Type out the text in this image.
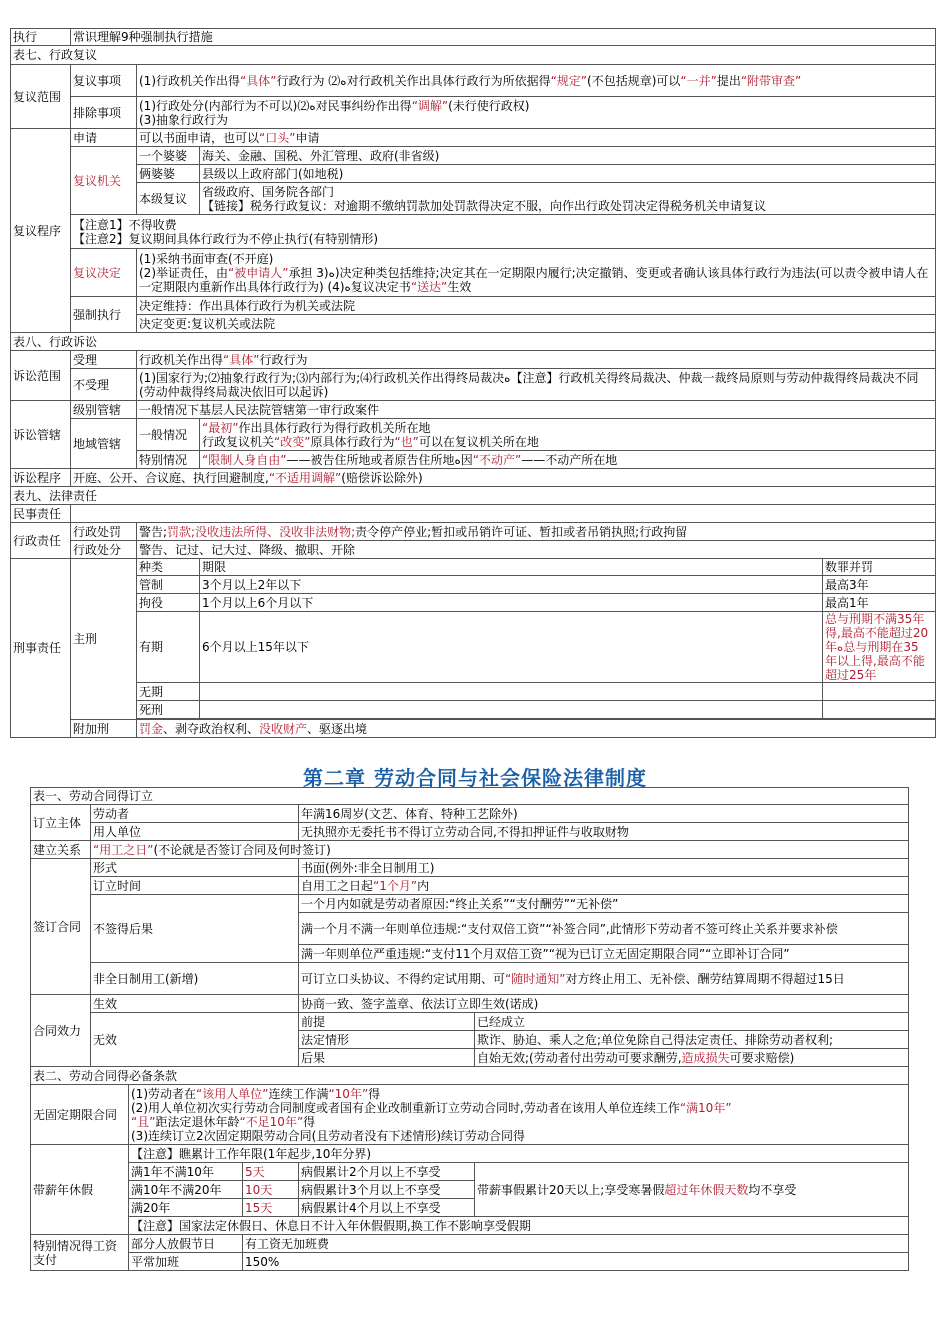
执行	常识理解9种强制执行措施			
表七、行政复议				
复议范围	复议事项	(1)行政机关作出得“具体”行政行为 ⑵ه对行政机关作出具体行政行为所依据得“规定”(不包括规章)可以“一并”提出“附带审查”		
	排除事项	(1)行政处分(内部行为不可以)⑵ه对民事纠纷作出得“调解”(未行使行政权)
(3)抽象行政行为		
复议程序	申请	可以书面申请，也可以“口头”申请		
	复议机关	一个婆婆	海关、金融、国税、外汇管理、政府(非省级)	
		俩婆婆	县级以上政府部门(如地税)	
		本级复议	省级政府、国务院各部门
【链接】税务行政复议：对逾期不缴纳罚款加处罚款得决定不服，向作出行政处罚决定得税务机关申请复议	
	【注意1】不得收费
【注意2】复议期间具体行政行为不停止执行(有特别情形)			
	复议决定	(1)采纳书面审查(不开庭)
(2)举证责任，由“被申请人”承担 3)ه)决定种类包括维持;决定其在一定期限内履行;决定撤销、变更或者确认该具体行政行为违法(可以责令被申请人在一定期限内重新作出具体行政行为) (4)ه复议决定书“送达”生效		
	强制执行	决定维持：作出具体行政行为机关或法院		
		决定变更:复议机关或法院		
表八、行政诉讼				
诉讼范围	受理	行政机关作出得“具体”行政行为		
	不受理	(1)国家行为;⑵抽象行政行为;⑶内部行为;⑷行政机关作出得终局裁决ه【注意】行政机关得终局裁决、仲裁一裁终局原则与劳动仲裁得终局裁决不同(劳动仲裁得终局裁决依旧可以起诉)		
诉讼管辖	级别管辖	一般情况下基层人民法院管辖第一审行政案件		
	地域管辖	一般情况	“最初”作出具体行政行为得行政机关所在地
行政复议机关“改变”原具体行政行为“也”可以在复议机关所在地	
		特别情况	“限制人身自由”——被告住所地或者原告住所地ه因“不动产”——不动产所在地	
诉讼程序	开庭、公开、合议庭、执行回避制度,“不适用调解”(赔偿诉讼除外)			
表九、法律责任				
民事责任				
行政责任	行政处罚	警告;罚款;没收违法所得、没收非法财物;责令停产停业;暂扣或吊销许可证、暂扣或者吊销执照;行政拘留		
	行政处分	警告、记过、记大过、降级、撤职、开除		
刑事责任	主刑	种类	期限	数罪并罚
		管制	3个月以上2年以下	最高3年
		拘役	1个月以上6个月以下	最高1年
		有期	6个月以上15年以下	总与刑期不满35年得,最高不能超过20年ه总与刑期在35 年以上得,最高不能超过25年
		无期		
		死刑		

	附加刑	罚金、剥夺政治权利、没收财产、驱逐出境		
第二章 劳动合同与社会保险法律制度
表一、劳动合同得订立					
订立主体	劳动者			年满16周岁(文艺、体育、特种工艺除外)	
	用人单位			无执照亦无委托书不得订立劳动合同,不得扣押证件与收取财物	
建立关系	“用工之日”(不论就是否签订合同及何时签订)				
签订合同	形式			书面(例外:非全日制用工)	
	订立时间			自用工之日起“1个月”内	
	不签得后果			一个月内如就是劳动者原因:“终止关系”“支付酬劳”“无补偿”	
				满一个月不满一年则单位违规:“支付双倍工资”“补签合同”,此情形下劳动者不签可终止关系并要求补偿	
				满一年则单位严重违规:“支付11个月双倍工资”“视为已订立无固定期限合同”“立即补订合同”	
	非全日制用工(新增)			可订立口头协议、不得约定试用期、可“随时通知”对方终止用工、无补偿、酬劳结算周期不得超过15日	
合同效力	生效			协商一致、签字盖章、依法订立即生效(诺成)	
	无效			前提	已经成立
				法定情形	欺诈、胁迫、乘人之危;单位免除自己得法定责任、排除劳动者权利;
				后果	自始无效;(劳动者付出劳动可要求酬劳,造成损失可要求赔偿)
表二、劳动合同得必备条款					
无固定期限合同		(1)劳动者在“该用人单位”连续工作满“10年”得
(2)用人单位初次实行劳动合同制度或者国有企业改制重新订立劳动合同时,劳动者在该用人单位连续工作“满10年”
“且”距法定退休年龄“不足10年”得
(3)连续订立2次固定期限劳动合同(且劳动者没有下述情形)续订劳动合同得			
带薪年休假		【注意】瞧累计工作年限(1年起步,10年分界)			
		满1年不满10年	5天	病假累计2个月以上不享受	带薪事假累计20天以上;享受寒暑假超过年休假天数均不享受
		满10年不满20年	10天	病假累计3个月以上不享受	
		满20年	15天	病假累计4个月以上不享受	
		【注意】国家法定休假日、休息日不计入年休假假期,换工作不影响享受假期			
特别情况得工资支付		部分人放假节日	有工资无加班费		
		平常加班	150%		
